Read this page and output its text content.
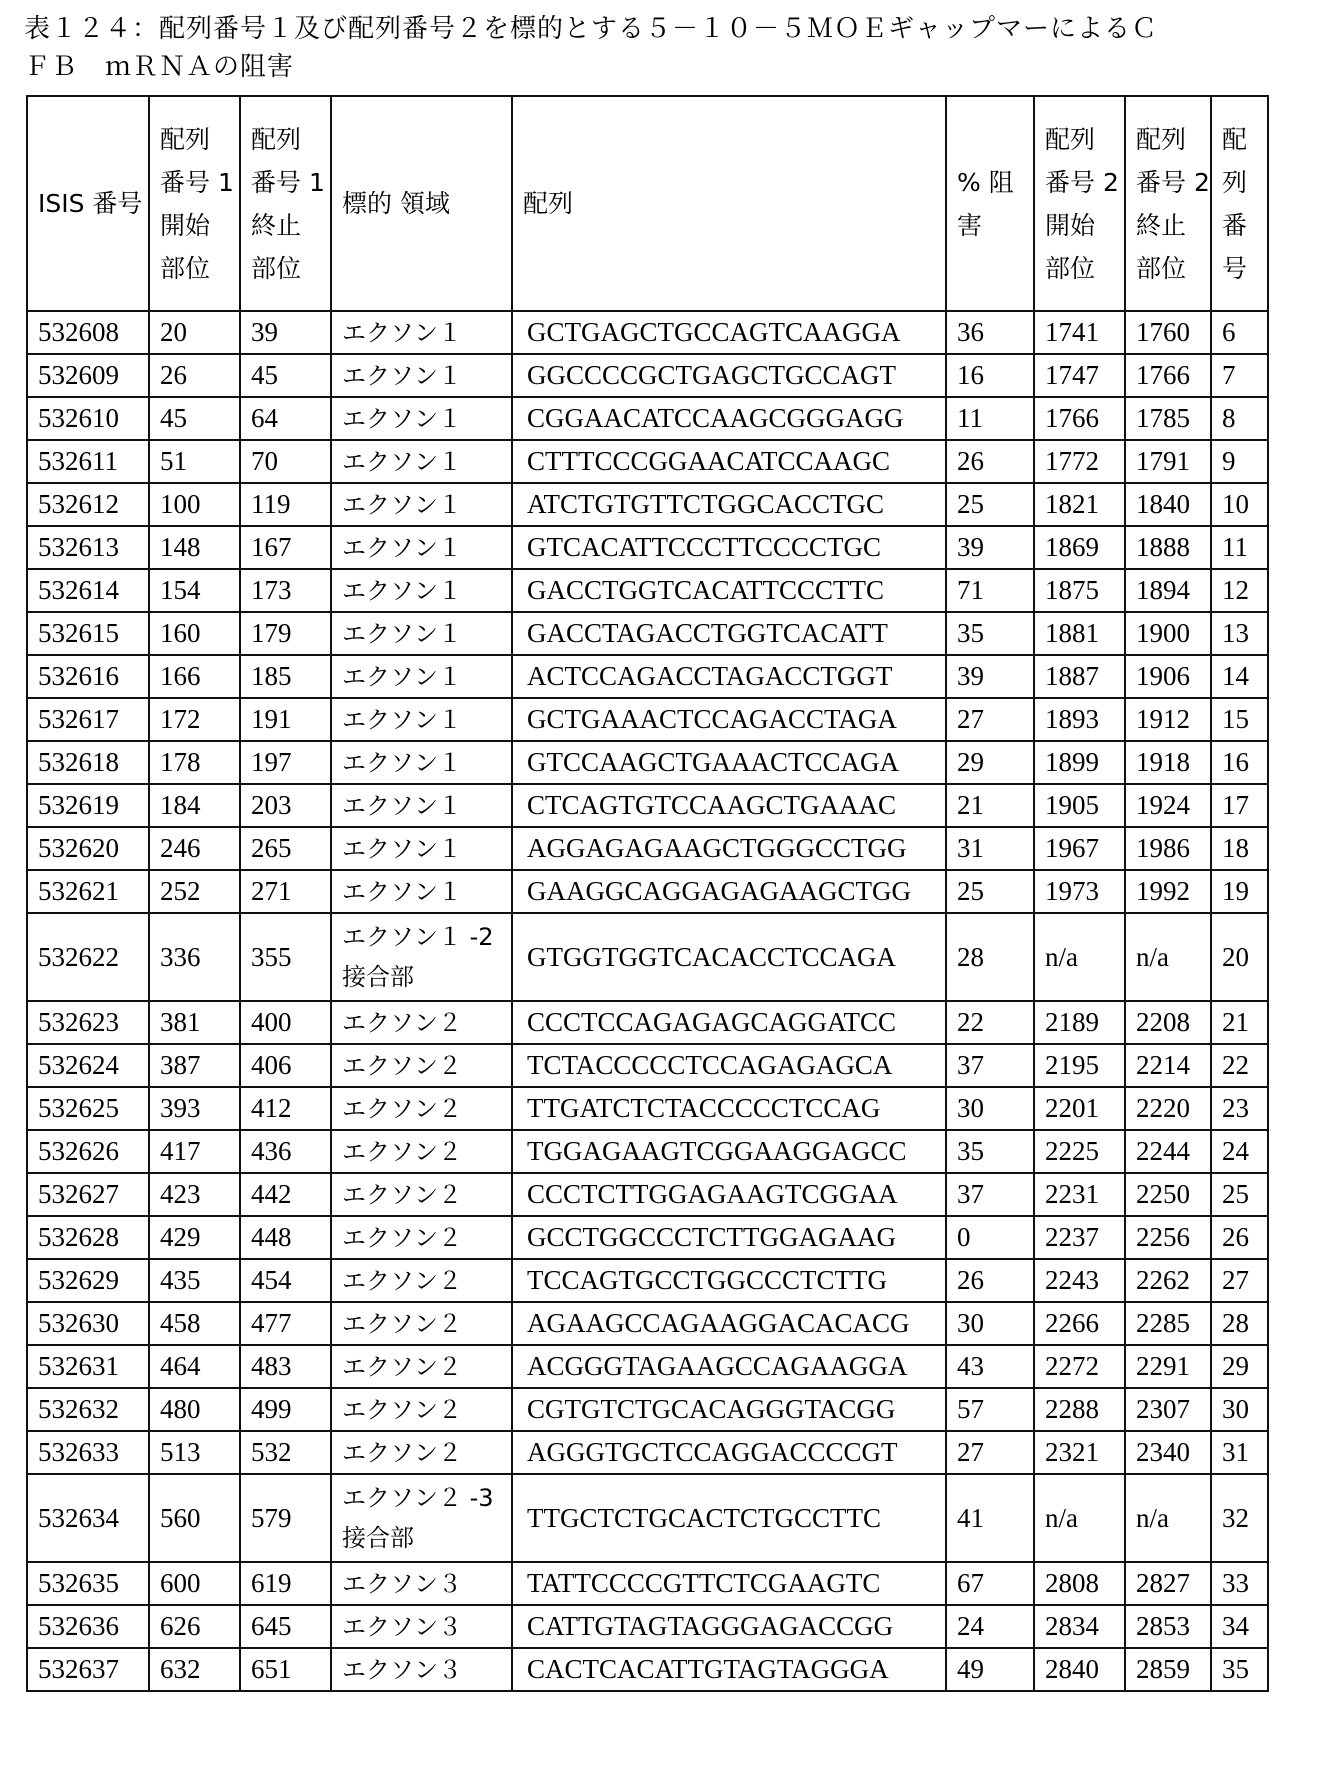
表１２４：配列番号１及び配列番号２を標的とする５－１０－５ＭＯＥギャップマーによるＣ
ＦＢ　ｍＲＮＡの阻害
ISIS 番号	配列 番号 1 開始 部位	配列 番号 1 終止 部位	標的 領域	配列	% 阻害	配列 番号 2 開始 部位	配列 番号 2 終止 部位	配 列 番 号
532608	20	39	エクソン１	GCTGAGCTGCCAGTCAAGGA	36	1741	1760	6
532609	26	45	エクソン１	GGCCCCGCTGAGCTGCCAGT	16	1747	1766	7
532610	45	64	エクソン１	CGGAACATCCAAGCGGGAGG	11	1766	1785	8
532611	51	70	エクソン１	CTTTCCCGGAACATCCAAGC	26	1772	1791	9
532612	100	119	エクソン１	ATCTGTGTTCTGGCACCTGC	25	1821	1840	10
532613	148	167	エクソン１	GTCACATTCCCTTCCCCTGC	39	1869	1888	11
532614	154	173	エクソン１	GACCTGGTCACATTCCCTTC	71	1875	1894	12
532615	160	179	エクソン１	GACCTAGACCTGGTCACATT	35	1881	1900	13
532616	166	185	エクソン１	ACTCCAGACCTAGACCTGGT	39	1887	1906	14
532617	172	191	エクソン１	GCTGAAACTCCAGACCTAGA	27	1893	1912	15
532618	178	197	エクソン１	GTCCAAGCTGAAACTCCAGA	29	1899	1918	16
532619	184	203	エクソン１	CTCAGTGTCCAAGCTGAAAC	21	1905	1924	17
532620	246	265	エクソン１	AGGAGAGAAGCTGGGCCTGG	31	1967	1986	18
532621	252	271	エクソン１	GAAGGCAGGAGAGAAGCTGG	25	1973	1992	19
532622	336	355	エクソン１ -2 接合部	GTGGTGGTCACACCTCCAGA	28	n/a	n/a	20
532623	381	400	エクソン２	CCCTCCAGAGAGCAGGATCC	22	2189	2208	21
532624	387	406	エクソン２	TCTACCCCCTCCAGAGAGCA	37	2195	2214	22
532625	393	412	エクソン２	TTGATCTCTACCCCCTCCAG	30	2201	2220	23
532626	417	436	エクソン２	TGGAGAAGTCGGAAGGAGCC	35	2225	2244	24
532627	423	442	エクソン２	CCCTCTTGGAGAAGTCGGAA	37	2231	2250	25
532628	429	448	エクソン２	GCCTGGCCCTCTTGGAGAAG	0	2237	2256	26
532629	435	454	エクソン２	TCCAGTGCCTGGCCCTCTTG	26	2243	2262	27
532630	458	477	エクソン２	AGAAGCCAGAAGGACACACG	30	2266	2285	28
532631	464	483	エクソン２	ACGGGTAGAAGCCAGAAGGA	43	2272	2291	29
532632	480	499	エクソン２	CGTGTCTGCACAGGGTACGG	57	2288	2307	30
532633	513	532	エクソン２	AGGGTGCTCCAGGACCCCGT	27	2321	2340	31
532634	560	579	エクソン２ -3 接合部	TTGCTCTGCACTCTGCCTTC	41	n/a	n/a	32
532635	600	619	エクソン３	TATTCCCCGTTCTCGAAGTC	67	2808	2827	33
532636	626	645	エクソン３	CATTGTAGTAGGGAGACCGG	24	2834	2853	34
532637	632	651	エクソン３	CACTCACATTGTAGTAGGGA	49	2840	2859	35
